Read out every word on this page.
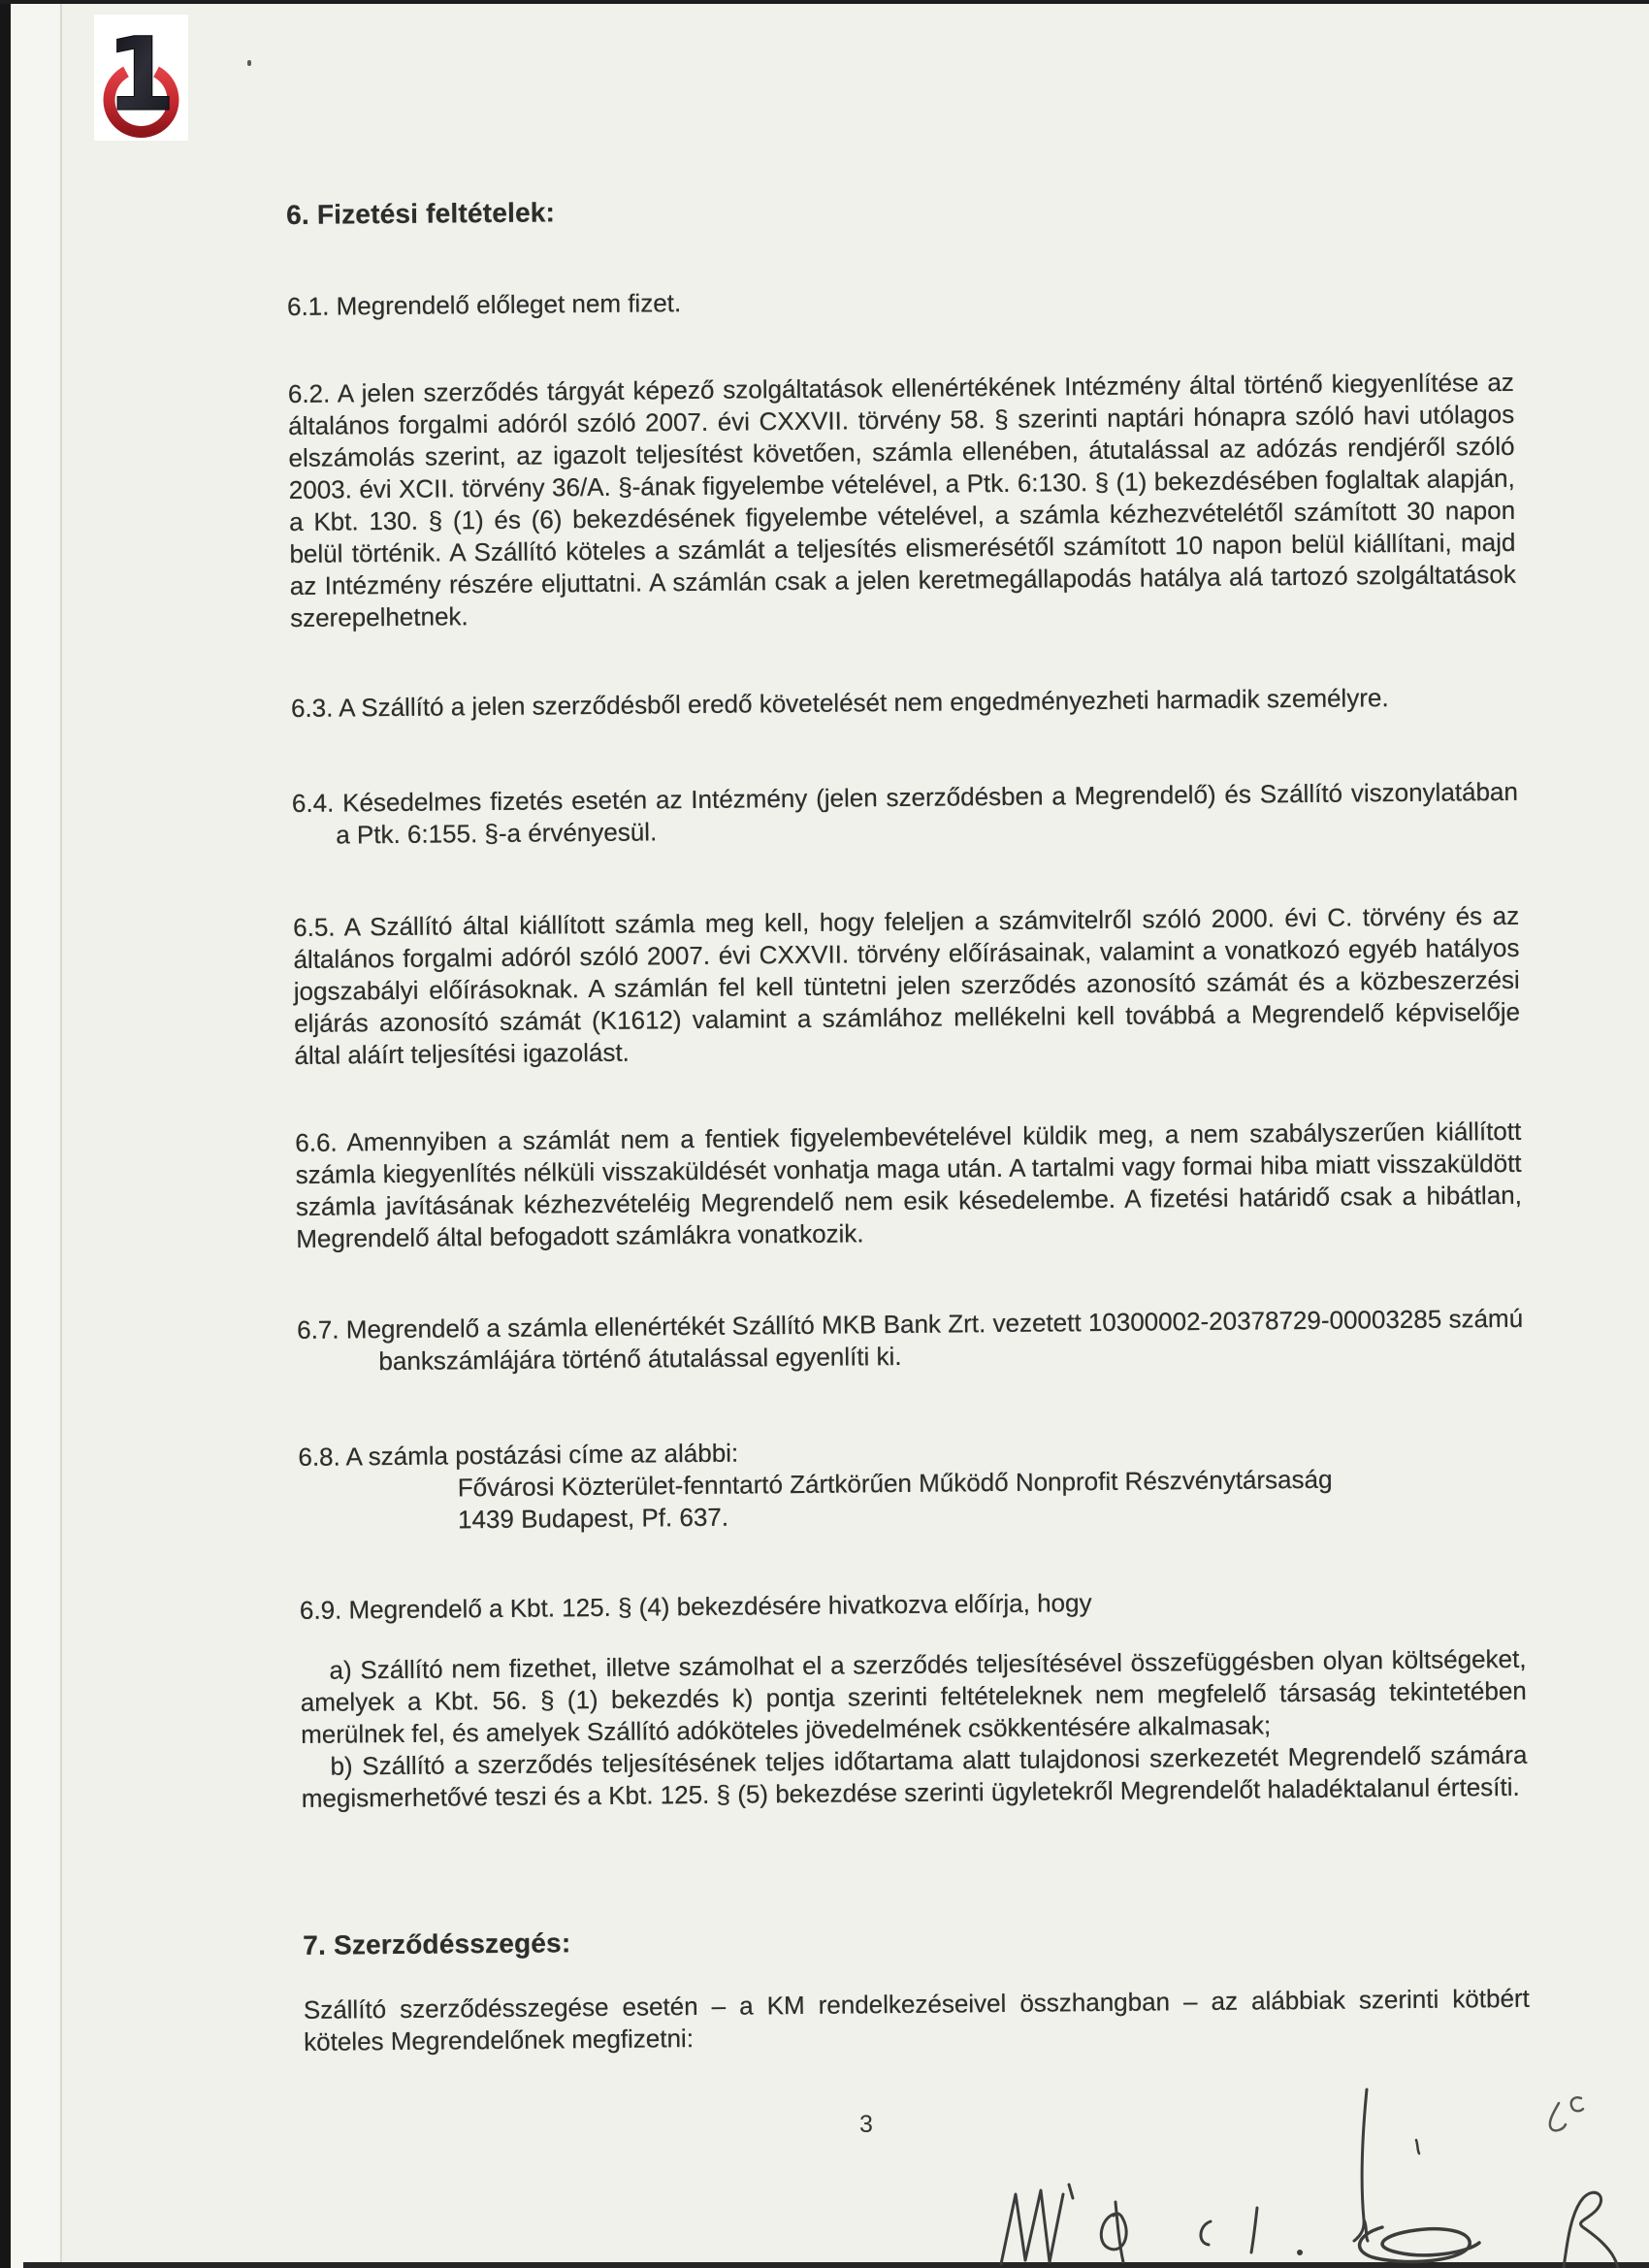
1
6. Fizetési feltételek:
6.1. Megrendelő előleget nem fizet.
6.2. A jelen szerződés tárgyát képező szolgáltatások ellenértékének Intézmény által történő kiegyenlítése az általános forgalmi adóról szóló 2007. évi CXXVII. törvény 58. § szerinti naptári hónapra szóló havi utólagos elszámolás szerint, az igazolt teljesítést követően, számla ellenében, átutalással az adózás rendjéről szóló 2003. évi XCII. törvény 36/A. §-ának figyelembe vételével, a Ptk. 6:130. § (1) bekezdésében foglaltak alapján, a Kbt. 130. § (1) és (6) bekezdésének figyelembe vételével, a számla kézhezvételétől számított 30 napon belül történik. A Szállító köteles a számlát a teljesítés elismerésétől számított 10 napon belül kiállítani, majd az Intézmény részére eljuttatni. A számlán csak a jelen keretmegállapodás hatálya alá tartozó szolgáltatások szerepelhetnek.
6.3. A Szállító a jelen szerződésből eredő követelését nem engedményezheti harmadik személyre.
6.4. Késedelmes fizetés esetén az Intézmény (jelen szerződésben a Megrendelő) és Szállító viszonylatában a Ptk. 6:155. §-a érvényesül.
6.5. A Szállító által kiállított számla meg kell, hogy feleljen a számvitelről szóló 2000. évi C. törvény és az általános forgalmi adóról szóló 2007. évi CXXVII. törvény előírásainak, valamint a vonatkozó egyéb hatályos jogszabályi előírásoknak. A számlán fel kell tüntetni jelen szerződés azonosító számát és a közbeszerzési eljárás azonosító számát (K1612) valamint a számlához mellékelni kell továbbá a Megrendelő képviselője által aláírt teljesítési igazolást.
6.6. Amennyiben a számlát nem a fentiek figyelembevételével küldik meg, a nem szabályszerűen kiállított számla kiegyenlítés nélküli visszaküldését vonhatja maga után. A tartalmi vagy formai hiba miatt visszaküldött számla javításának kézhezvételéig Megrendelő nem esik késedelembe. A fizetési határidő csak a hibátlan, Megrendelő által befogadott számlákra vonatkozik.
6.7. Megrendelő a számla ellenértékét Szállító MKB Bank Zrt. vezetett 10300002-20378729-00003285 számú bankszámlájára történő átutalással egyenlíti ki.
6.8. A számla postázási címe az alábbi:
Fővárosi Közterület-fenntartó Zártkörűen Működő Nonprofit Részvénytársaság
1439 Budapest, Pf. 637.
6.9. Megrendelő a Kbt. 125. § (4) bekezdésére hivatkozva előírja, hogy
a) Szállító nem fizethet, illetve számolhat el a szerződés teljesítésével összefüggésben olyan költségeket, amelyek a Kbt. 56. § (1) bekezdés k) pontja szerinti feltételeknek nem megfelelő társaság tekintetében merülnek fel, és amelyek Szállító adóköteles jövedelmének csökkentésére alkalmasak;
b) Szállító a szerződés teljesítésének teljes időtartama alatt tulajdonosi szerkezetét Megrendelő számára megismerhetővé teszi és a Kbt. 125. § (5) bekezdése szerinti ügyletekről Megrendelőt haladéktalanul értesíti.
7. Szerződésszegés:
Szállító szerződésszegése esetén – a KM rendelkezéseivel összhangban – az alábbiak szerinti kötbért köteles Megrendelőnek megfizetni:
3
